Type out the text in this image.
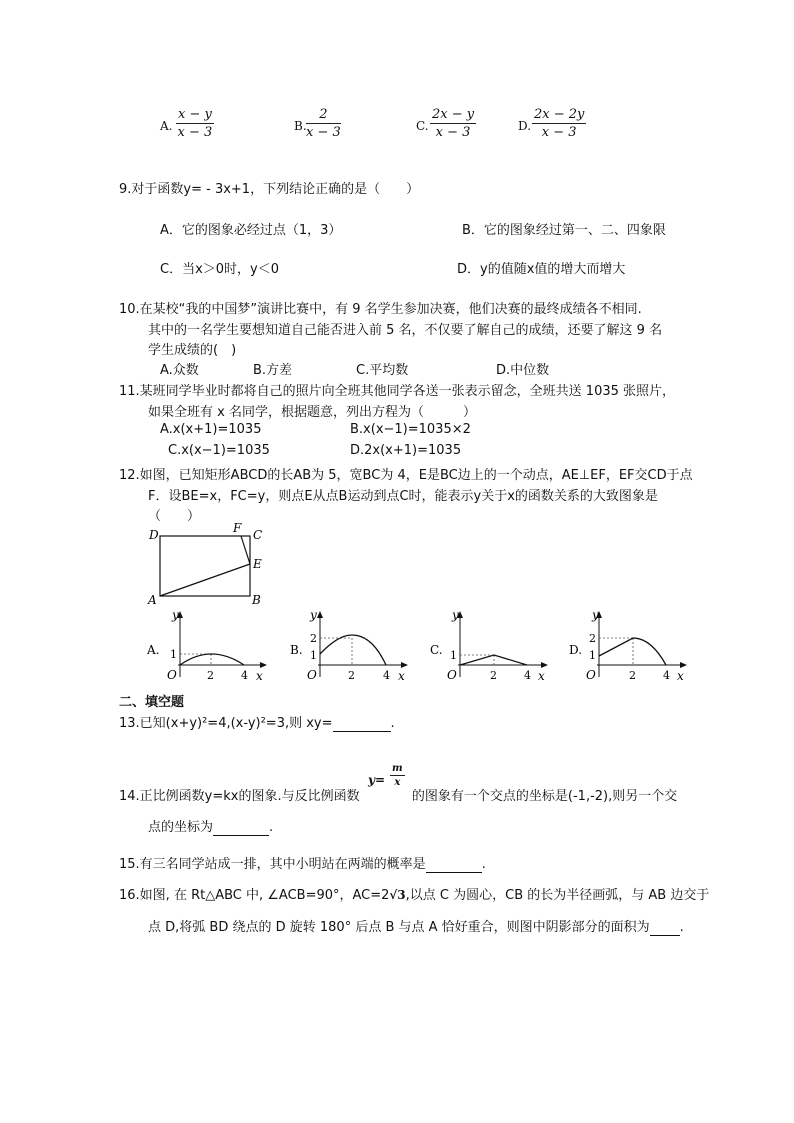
A. $\frac{x - y}{x - 3}$	B. $\frac{2}{x - 3}$	C. $\frac{2x - y}{x - 3}$	D. $\frac{2x - 2y}{x - 3}$
9.对于函数y= - 3x+1，下列结论正确的是（　　）
A．它的图象必经过点（1，3）	B．它的图象经过第一、二、四象限
C．当x＞0时，y＜0	D．y的值随x值的增大而增大
10.在某校“我的中国梦”演讲比赛中，有 9 名学生参加决赛，他们决赛的最终成绩各不相同.
其中的一名学生要想知道自己能否进入前 5 名，不仅要了解自己的成绩，还要了解这 9 名
学生成绩的(　)
A.众数	B.方差	C.平均数	D.中位数
11.某班同学毕业时都将自己的照片向全班其他同学各送一张表示留念，全班共送 1035 张照片，
如果全班有 x 名同学，根据题意，列出方程为（　　　）
A.x(x+1)=1035	B.x(x−1)=1035×2
C.x(x−1)=1035	D.2x(x+1)=1035
12.如图，已知矩形ABCD的长AB为 5，宽BC为 4，E是BC边上的一个动点，AE⊥EF，EF交CD于点
F．设BE=x，FC=y，则点E从点B运动到点C时，能表示y关于x的函数关系的大致图象是
（　　）
D	F C
E
A	B
A.
y
x
O
1
2 4
B.
y
x
O
2
1
2	4
C.
y
x
O
1
2 4
D.
y
x
O
2
1
2 4
二、填空题
13.已知(x+y)²=4,(x-y)²=3,则 xy=	.
14.正比例函数y=kx的图象.与反比例函数	的图象有一个交点的坐标是(-1,-2),则另一个交
$y= \frac{m}{x}$
点的坐标为	.
15.有三名同学站成一排，其中小明站在两端的概率是	.
16.如图, 在 Rt△ABC 中, ∠ACB=90°，AC=2√3,以点 C 为圆心，CB 的长为半径画弧，与 AB 边交于
点 D,将弧 BD 绕点的 D 旋转 180° 后点 B 与点 A 恰好重合，则图中阴影部分的面积为 .
